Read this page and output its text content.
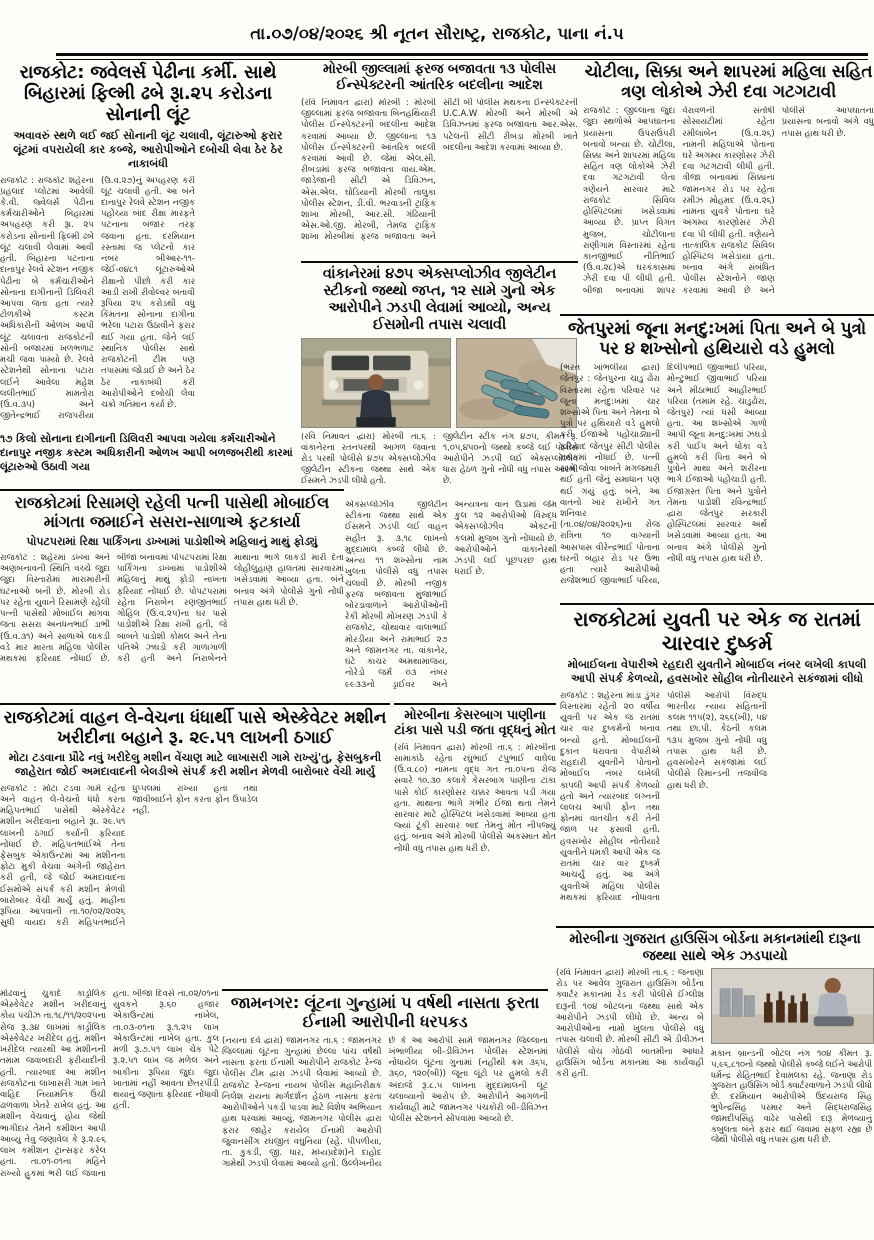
તા.૦૭/૦૪/૨૦૨૬ શ્રી નૂતન સૌરાષ્ટ્ર, રાજકોટ, પાના નં.૫
રાજકોટ: જવેલર્સ પેઢીના કર્મી. સાથે બિહારમાં ફિલ્મી ઢબે રૂા.૨૫ કરોડના સોનાની લૂંટ
અવાવરું સ્થળે લઈ જઈ સોનાની લૂંટ ચલાવી, લૂંટારુઓ ફરાર લૂંટમાં વપરાયેલી કાર કબ્જે, આરોપીઓને દબોચી લેવા ઠેર ઠેર નાકાબંધી
રાજકોટ : રાજકોટ શહેરના પ્રહલાદ પ્લોટમાં આવેલી કે.વી. જ્વેલર્સ પેઢીના કર્મચારીઓને બિહારમાં અપહરણ કરી રૂા. ૨૫ કરોડના સોનાની ફિલ્મી ઢબે લૂંટ ચલાવી લેવામાં આવી હતી. બિહારના પટનાના દાનાપુર રેલવે સ્ટેશન નજીક પેઢીના બે કર્મચારીઓને સોનાના દાગીનાની ડિલિવરી આપવા જતા હતા ત્યારે ટોળકીએ કસ્ટમ અધિકારીની ઓળખ આપી લૂંટ ચલાવતા રાજકોટની સોની બજારમાં ખળભળાટ મચી જવા પામ્યો છે. રેલવે સ્ટેશનેથી સોનાના પટારા લઈને આવેલા મહેશ લલીતભાઈ મામતોરા (ઉ.વ.૩૫) અને જીતેન્દ્રભાઈ રાજપરીયા (ઉ.વ.૨૭)નું અપહરણ કરી લૂંટ ચલાવી હતી. આ બંને દાનાપુર રેલવે સ્ટેશન નજીક પહોંચ્યા બાદ રીક્ષા મારફતે પટનાના બજાર તરફ જવાના હતા. દરમિયાન રસ્તામાં જ પ્લેટનો કાર નંબર બીઆર-૧૧-જેઈ-૦૪૮૧ લૂંટારુઓએ રીક્ષાનો પીછો કરી કાર આડી રાખી રીવોલ્વર બતાવી રૂપિયા ૨૫ કરોડથી વધુ કિંમતના સોનાના દાગીના ભરેલા પટારા ઉઠાવીને ફરાર થઈ ગયા હતા. જેને લઈ સ્થાનિક પોલીસ સાથે રાજકોટની ટીમ પણ તપાસમાં જોડાઈ છે અને ઠેર ઠેર નાકાબંધી કરી આરોપીઓને દબોચી લેવા ચક્રો ગતિમાન કર્યા છે.
૧૭ કિલો સોનાના દાગીનાની ડિલિવરી આપવા ગયેલા કર્મચારીઓને દાનાપુર નજીક કસ્ટમ અધિકારીની ઓળખ આપી બળજબરીથી કારમાં લૂંટારુઓ ઉઠાવી ગયા
મોરબી જીલ્લામાં ફરજ બજાવતા ૧૩ પોલીસ ઈન્સ્પેક્ટરની આંતરિક બદલીના આદેશ
(રવિ નિમાવત દ્વારા) મોરબી : મોરબી જીલ્લામાં ફરજ બજાવતા બિનહથિયારી પોલીસ ઈન્સ્પેક્ટરની બદલીના આદેશ કરવામાં આવ્યા છે. જીલ્લાના ૧૩ પોલીસ ઈન્સ્પેક્ટરની આંતરિક બદલી કરવામાં આવી છે. જેમાં એલ.સી. રીબડામાં ફરજ બજાવતા વાય.એમ. જાડેજાની સીટી એ ડિવિઝન, એસ.એલ. ઘોડિયાની મોરબી તાલુકા પોલીસ સ્ટેશન, ડી.વી. ભરવાડની ટ્રાફિક શાખા મોરબી, આર.સી. ગંઢિયાની એસ.ઓ.જી. મોરબી, તેમજ ટ્રાફિક શાખા મોરબીમાં ફરજ બજાવતા અને સીટી બી પોલીસ મથકના ઈન્સ્પેક્ટરની U.C.A.W મોરબી અને મોરબી એ ડિવિઝનમાં ફરજ બજાવતા આર.એસ. પટેલની સીટી રીબડા મોરબી ખાતે બદલીના આદેશ કરવામાં આવ્યા છે.
ચોટીલા, સિક્કા અને શાપરમાં મહિલા સહિત ત્રણ લોકોએ ઝેરી દવા ગટગટાવી
રાજકોટ : જીલ્લાના જુદા જુદા સ્થળોએ આપઘાતના પ્રયાસના ઉપરાઉપરી બનાવો બન્યા છે. ચોટીલા, સિક્કા અને શાપરમાં મહિલા સહિત ત્રણ લોકોએ ઝેરી દવા ગટગટાવી લેતા ત્રણેયને સારવાર માટે રાજકોટ સિવિલ હોસ્પિટલમાં ખસેડવામાં આવ્યા છે. પ્રાપ્ત વિગત મુજબ, ચોટીલાના રાણીગામ વિસ્તારમાં રહેતા કાનજીભાઈ નીતિભાઈ (ઉ.વ.૨૮)એ ઘરકંકાસમાં ઝેરી દવા પી લીધી હતી. બીજા બનાવમાં શાપર વેરાવળની સંતોષી સોસાયટીમાં રહેતા રમીલાબેન (ઉ.વ.૨૬) નામની મહિલાએ પોતાના ઘરે અગમ્ય કારણોસર ઝેરી દવા ગટગટાવી લીધી હતી. ત્રીજા બનાવમાં સિક્કાના જામનગર રોડ પર રહેતા રમીઝ મોહમદ (ઉ.વ.૨૬) નામના યુવકે પોતાના ઘરે અગમ્ય કારણોસર ઝેરી દવા પી લીધી હતી. ત્રણેયને તાત્કાલિક રાજકોટ સિવિલ હોસ્પિટલ ખસેડાયા હતા. બનાવ અંગે સંબંધિત પોલીસ સ્ટેશનોને જાણ કરવામાં આવી છે અને પોલીસે આપઘાતના પ્રયાસના બનાવો અંગે વધુ તપાસ હાથ ધરી છે.
વાંકાનેરમાં ૪૭૫ એક્સપ્લોઝીવ જીલેટીન સ્ટીકનો જથ્થો જપ્ત, ૧૨ સામે ગુનો એક આરોપીને ઝડપી લેવામાં આવ્યો, અન્ય ઈસમોની તપાસ ચલાવી
(રવિ નિમાવત દ્વારા) મોરબી તા.૬ : વાંકાનેરના રતનપરથી આગળ જવાના રોડ પરથી પોલીસે ૪૭૫ એક્સપ્લોઝીવ જીલેટીન સ્ટીકના જથ્થા સાથે એક ઈસમને ઝડપી લીધો હતો.
જીલેટીન સ્ટીક નંગ ૪૭૫, કીમત રૂ. ૧,૦૫,૪૫૦નો જથ્થો કબ્જે લઈ પોલીસે આરોપીને ઝડપી લઈ એક્સપ્લોઝીવ ધારા હેઠળ ગુનો નોંધી વધુ તપાસ આરંભી છે.
એક્સપ્લોઝીવ જીલેટીન સ્ટીકના જથ્થા સાથે એક ઈસમને ઝડપી લઈ વાહન સહીત રૂ. ૩.૧૮ લાખનો મુદ્દામાલ કબ્જે લીધો છે. અન્ય ૧૧ શખ્સોના નામ ખુલતા પોલીસે વધુ તપાસ ચલાવી છે. મોરબી નજીક ફરજ બજાવતા મુંજાભાઈ બોરડાવાળાને આરોપીઓની રેકી મોરબી મોખરણ ઝડપી કે રાજકોટ, ચોથાવાર વાલાભાઈ મોરડીયા અને રામાભાઈ ૨૭ અને જામનગર તા. વાંકાનેર, ઘંટે કાચર અમથામાજય, નોરેડો જર્મ ૦૩ નંબર ૯૯૩૩નો ડ્રાઈવર અને અન્યત્રના વાન ઉંડામાં જેમ કુલ ૧૨ આરોપીઓ વિરુદ્ધ એક્સપ્લોઝીવ એક્ટની કલમો મુજબ ગુનો નોંધાયો છે. આરોપીઓને વાંકાનેરથી ઝડપી લઈ પૂછપરછ હાથ ધરાઈ છે.
જેતપુરમાં જૂના મનદુ:ખમાં પિતા અને બે પુત્રો પર ૪ શખ્સોનો હથિયારો વડે હુમલો
(ભરત ખાંભલીયા દ્વારા) જેતપુર : જેતપુરના ચાડુ ઢોરા વિસ્તારમાં રહેતા પરિવાર પર જૂના મનદુ:ખમાં ચાર શખ્સોએ પિતા અને તેમના બે પુત્રો પર હથિયારો વડે હુમલો કરી ઈજાઓ પહોંચાડ્યાની ફરિયાદ જેતપુર સીટી પોલીસ મથકમાં નોંધાઈ છે. પત્ની સામે જોવા બાબતે મગજમારી થઈ હતી જેનું સમાધાન પણ થઈ ગયું હતું. બંને, આ વાતનો ખાર રાખીને ગત શનિવાર (તા.૦૪/૦૪/૨૦૨૬)ના રોજ રાત્રિના ૧૦ વાગ્યાની આસપાસ વીરેન્દ્રભાઈ પોતાના ઘરની બહાર રોડ પર ઉભા હતા ત્યારે આરોપીઓ રાજેશભાઈ જીવાભાઈ પરિયા, દિલીપભાઈ જીવાભાઈ પરિયા, મોન્ટુભાઈ જીવાભાઈ પરિયા અને મીઠાભાઈ આહીરભાઈ પરિયા (તમામ રહે. ચાડુઢોરા, જેતપુર) ત્યાં ધસી આવ્યા હતા. આ શખ્સોએ ગાળો આપી જૂના મનદુ:ખમાં ઝઘડો કરી પાઈપ અને ધોકા વડે હુમલો કરી પિતા અને બે પુત્રોને માથા અને શરીરના ભાગે ઈજાઓ પહોંચાડી હતી. ઈજાગ્રસ્ત પિતા અને પુત્રોને તેમના પાડોશી રવિન્દ્રભાઈ દ્વારા જેતપુર સરકારી હોસ્પિટલમાં સારવાર અર્થે ખસેડવામાં આવ્યા હતા. આ બનાવ અંગે પોલીસે ગુનો નોંધી વધુ તપાસ હાથ ધરી છે.
રાજકોટમાં રિસામણે રહેલી પત્ની પાસેથી મોબાઈલ માંગતા જમાઈને સસરા-સાળાએ ફટકાર્યા
પોપટપરામાં રિક્ષા પાર્કિંગના ડખ્ખામાં પાડોશીએ મહિલાનું માથું ફોડ્યું
રાજકોટ : શહેરમાં ડખ્ખા અને અણબનાવની સ્થિતિ વચ્ચે જુદા જુદા વિસ્તારોમાં મારામારીની ઘટનાઓ બની છે. મોરબી રોડ પર રહેતા યુવાને રિસામણે રહેલી પત્ની પાસેથી મોબાઈલ માંગવા જતા સસરા અનધનભાઈ ડાભી (ઉ.વ.૩૧) અને સાળાએ લાકડી વડે માર મારતા મહિલા પોલીસ મથકમાં ફરિયાદ નોંધાઈ છે. બીજા બનાવમાં પોપટપરામાં રિક્ષા પાર્કિંગના ડખ્ખામાં પાડોશીએ મહિલાનું માથું ફોડી નાખતા ફરિયાદ નોંધાઈ છે. પોપટપરામાં રહેતા નિરાબેન રણજીતભાઈ ગોહિલ (ઉ.વ.૨૫)ના ઘર પાસે પાડોશીએ રિક્ષા રાખી હતી, જે બાબતે પાડોશી કોમલ અને તેના પતિએ ઝઘડો કરી ગાળાગાળી કરી હતી અને નિરાબેનને માથાના ભાગે લાકડી મારી દેતા લોહીલુહાણ હાલતમાં સારવારમાં ખસેડવામાં આવ્યા હતા. બંને બનાવ અંગે પોલીસે ગુનો નોંધી તપાસ હાથ ધરી છે.
રાજકોટમાં યુવતી પર એક જ રાતમાં ચારવાર દુષ્કર્મ
મોબાઈલના વેપારીએ રહદારી યુવતીને મોબાઈલ નંબર લખેલી કાપલી આપી સંપર્ક કેળવ્યો, હવસખોર સોહીલ નોતીયારને સકંજામાં લીધો
રાજકોટ : શહેરના માંડા ડુંગર વિસ્તારમાં રહેતી ૨૦ વર્ષીય યુવતી પર એક જ રાતમાં ચાર વાર દુષ્કર્મનો બનાવ બન્યો હતો. મોબાઈલની દુકાન ધરાવતા વેપારીએ રાહદારી યુવતીને પોતાનો મોબાઈલ નંબર લખેલી કાપલી આપી સંપર્ક કેળવ્યો હતો અને ત્યારબાદ લગ્નની લાલચ આપી ફોન તથા ફોનમાં વાતચીત કરી તેની જાળ પર ફસાવી હતી. હવસખોર સોહીલ નોતીયારે યુવતીને ધમકી આપી એક જ રાતમાં ચાર વાર દુષ્કર્મ આચર્યું હતું. આ અંગે યુવતીએ મહિલા પોલીસ મથકમાં ફરિયાદ નોંધાવતા પોલીસે આરોપી વિરુદ્ધ ભારતીય ન્યાય સંહિતાની કલમ ૧૧૫(૨), ૨૬૬(ખી), ૫૪ તથા છા.પી. કેઠની કલમ ૧૩૫ મુજબ ગુનો નોંધી વધુ તપાસ હાથ ધરી છે. હવસખોરને સકંજામાં લઈ પોલીસે રિમાન્ડની તજવીજ હાથ ધરી છે.
રાજકોટમાં વાહન લે-વેચના ધંધાર્થી પાસે એસ્કેવેટર મશીન ખરીદીના બહાને રૂ. ૨૯.૫૧ લાખની ઠગાઈ
મોટા ટડવાના પ્રૌઢે નવું ખરીદેલુ મશીન વેંચાણ માટે લાખાસરી ગામે રાખ્યું'તુ, ફેસબુકની જાહેરાત જોઈ અમદાવાદની બેલડીએ સંપર્ક કરી મશીન મેળવી બારોબાર વેંચી માર્યુ
રાજકોટ : મોટા ટડવા ગામે રહેતા અને વાહન લે-વેચનો ધંધો કરતા મહિપતભાઈ પાસેથી એસ્કેવેટર મશીન ખરીદવાના બહાને રૂા. ૨૯.૫૧ લાખની ઠગાઈ કર્યાની ફરિયાદ નોંધાઈ છે. મહિપતભાઈએ તેના ફેસબુક એકાઉન્ટમાં આ મશીનના ફોટા મુકી વેચવા અંગેની જાહેરાત કરી હતી, જે જોઈ અમદાવાદના ઈસમોએ સંપર્ક કરી મશીન મેળવી બારોબાર વેંચી માર્યું હતું. માહીના રૂપિયા આપવાની તા.૧૦/૦૨/૨૦૨૬ સુધી વાયદા કરી મહિપતભાઈને ધુપ્પલમાં રાખ્યા હતા તથા જાવીબાઈને ફોન કરતા ફોન ઉપાડેલ નહીં.
મોઢવાનું ચુકાદે કાર્ડ્રોલિક એસ્કેવેટર મશીન ખરીદવાનું કોય પંચીઝ તા.૧૮/૧૧/૨૦૨૫ના રોજ રૂ.૩૪ લાખમાં કાર્ડ્રોલિક એસ્કેવેટર ખરીદેલ હતું. મશીન ખરીદેલ ત્યારથી આ મશીનની તમામ જવાબદારી ફરીયાદીની હતી. ત્યારબાદ આ મશીન રાજકોટના લાખાસરી ગામ ખાતે વાહિદ નિયામતિક ઉંચી ઢાળવાળા ખેતરે રાખેલ હતું. આ મશીન વેચવાનું હોય જેથી ભાગીદાર તેમને કમીશન આપી આવ્યુ તેવુ જણાવેલ કે રૂ.૨.૯૬ લાખ કમીશન ટ્રાન્સફર કરેલ હતા. તા.૦૧-૦૧ના મહિને રાખ્યો હુકમાં ભરી લઈ જવાના હતા. બીજા દિવસે તા.૦૨/૦૧ના યુવકને રૂ.૬૦ હજાર એકાઉન્ટમાં નાખેલ, તા.૦૩-૦૧ના રૂ.૧.૨૫ લાખ એકાઉન્ટમાં નાખેલ હતા. કુલ મળી રૂ.૭.૫૧ લાખ ચેક પેટે રૂ.૨.૫૧ લાખ જ મળેલ અને બાકીના રૂપિયા જુદા જુદા ખાતામાં નહીં આવતા છેતરપીંડી થયાનું જણાતા ફરિયાદ નોંધાવી હતી.
મોરબીના કેસરબાગ પાણીના ટાંકા પાસે પડી જતા વૃદ્ધનું મોત
(રવિ નિમાવત દ્વારા) મોરબી તા.૬ : મોરબીના સામાકાંઠે રહેતા રઘુભાઈ ટપુભાઈ વાઘેલા (ઉ.વ.૮૦) નામના વૃદ્ધ ગત તા.૦૫ના રોજ સવારે ૧૦.૩૦ કલાકે કેસરબાગ પાણીના ટાંકા પાસે કોઈ કારણોસર ચક્કર આવતા પડી ગયા હતા. માથાના ભાગે ગંભીર ઈજા થતા તેમને સારવાર માટે હોસ્પિટલ ખસેડવામાં આવ્યા હતા જ્યાં ટૂંકી સારવાર બાદ તેમનું મોત નીપજ્યું હતું. બનાવ અંગે મોરબી પોલીસે અકસ્માત મોત નોંધી વધુ તપાસ હાથ ધરી છે.
જામનગર: લૂંટના ગુન્હામાં ૫ વર્ષથી નાસતા ફરતા ઈનામી આરોપીની ધરપકડ
(નયના દવે દ્વારા) જામનગર તા.૬ : જામનગર જિલ્લામાં લૂંટના ગુન્હામાં છેલ્લા પાંચ વર્ષથી નાસતા ફરતા ઈનામી આરોપીને રાજકોટ રેન્જ પોલીસ ટીમ દ્વારા ઝડપી લેવામાં આવ્યો છે. રાજકોટ રેન્જના નાયબ પોલીસ મહાનિરીક્ષક નિલેશ રાયના માર્ગદર્શન હેઠળ નાસતા ફરતા આરોપીઓને પકડી પાડવા માટે વિશેષ અભિયાન હાથ ધરવામાં આવ્યું. જામનગર પોલીસ દ્વારા ફરાર જાહેર કરાયેલ ઈનામી આરોપી જુવાનસીંગ રઘજીત વઘુનિયા (રહે. પીપળીયા, તા. કુકડી, જી. ધાર, મધ્યપ્રદેશ)ને દાહોદ ગામેથી ઝડપી લેવામાં આવ્યો હતો. ઉલ્લેખનીય છે કે આ આરોપી સામે જામનગર જિલ્લાના ખંભાળીયા બી-ડીવિઝન પોલીસ સ્ટેશનમાં નોંધાયેલ લૂંટના ગુનામાં (નહીંથી ક્રમ ૩૬૫, ૩૬૦, ૧૨૦(બી)) જૂના લૂંટો પર હુમલો કરી અંદાજે રૂ.૮.૫ લાખના મુદ્દામાલની લૂંટ ચલાવ્યાનો આરોપ છે. આરોપીને આગળની કાર્યવાહી માટે જામનગર પંચકોરી બી-ડીવિઝન પોલીસ સ્ટેશનને સોંપવામાં આવ્યો છે.
મોરબીના ગુજરાત હાઉસિંગ બોર્ડના મકાનમાંથી દારૂના જથ્થા સાથે એક ઝડપાયો
(રવિ નિમાવત દ્વારા) મોરબી તા.૬ : જનાણા રોડ પર આવેલ ગુજરાત હાઉસિંગ બોર્ડના ક્વાર્ટર મકાનમાં રેડ કરી પોલીસે ઈંગ્લીશ દારૂની ૧૦૪ બોટલના જથ્થા સાથે એક આરોપીને ઝડપી લીધો છે. અન્ય બે આરોપીઓના નામો ખુલતા પોલીસે વધુ તપાસ ચલાવી છે. મોરબી સીટી એ ડીવીઝન પોલીસે વોચ ગોઠવી બાતમીના આધારે હાઉસિંગ બોર્ડના મકાનમાં આ કાર્યવાહી કરી હતી.
મકાન બ્રાન્ડની બોટલ નંગ ૧૦૪ કીમત રૂ. ૫,૯૬,૮૧૦નો જથ્થો પોલીસે કબ્જે લઈને આરોપી ધર્મેન્દ્ર રોહિતભાઈ દેવામલકા રહે. જનાણા રોડ ગુજરાત હાઉસિંગ બોર્ડ ક્વાર્ટરવાળાને ઝડપી લીધો છે. દરમિયાન આરોપીએ ઉદયરાજ સિંહ ભુપેન્દ્રસિંહ પરમાર અને સિદ્ધરાજસિંહ જામદીપસિંહ વાઢેર પાસેથી દારૂ મેળવ્યાનું કબુલતા બંને ફરાર થઈ જવામાં સફળ રહ્યા છે જેથી પોલીસે વધુ તપાસ હાથ ધરી છે.
